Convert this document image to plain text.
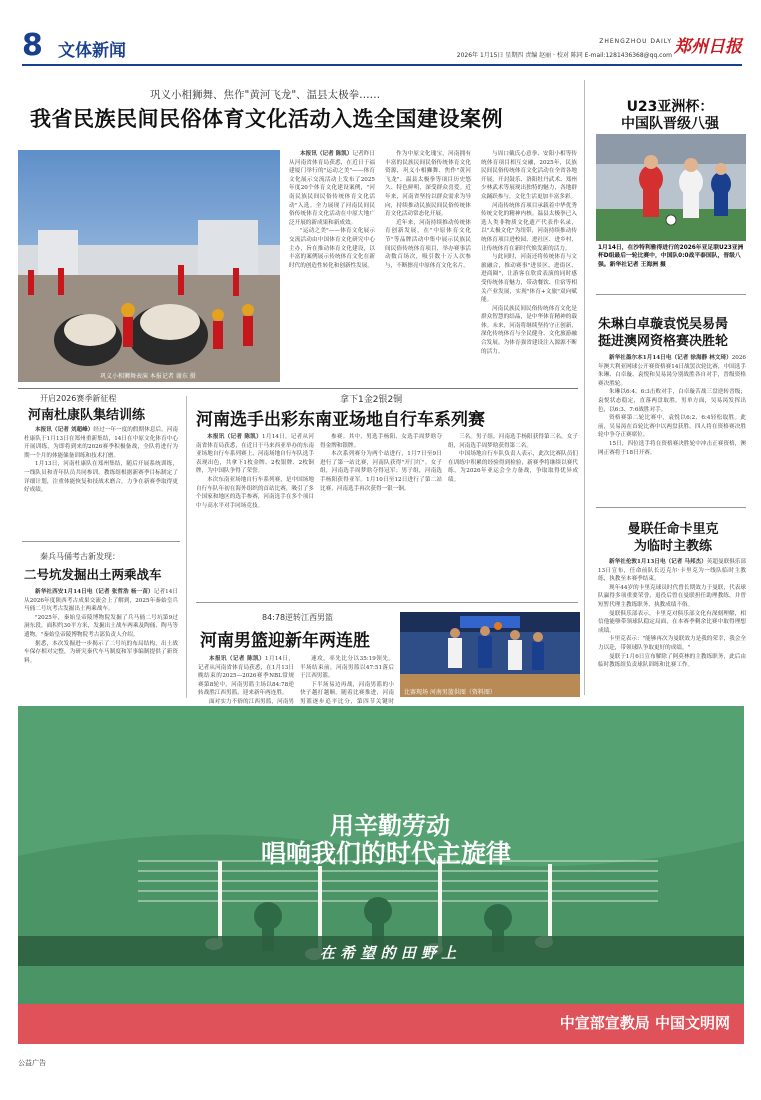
8 文体新闻	ZHENGZHOU DAILY
2026年 1月15日 星期四 责编 赵丽 · 校对 陈同 E-mail:1281436368@qq.com 郑州日报
巩义小相狮舞、焦作"黄河飞龙"、温县太极拳……
我省民族民间民俗体育文化活动入选全国建设案例
巩义小相狮舞表演 本报记者 谢东 摄

本报讯（记者 陈凯）记者昨日从河南省体育局获悉，在近日于福建厦门举行的"运动之美"——体育文化展示交流活动上发布了2025年度20个体育文化建设案例，"河南民族民间民俗传统体育文化活动"入选。全力展现了河南民间民俗传统体育文化活动在中原大地广泛开展的新成果和新成效。

"运动之美"——体育文化展示交流活动由中国体育文化研究中心主办，旨在推动体育文化建设，以丰富的案例展示传统体育文化在新时代的创造性转化和创新性发展。

作为中原文化瑰宝，河南拥有丰富的民族民间民俗传统体育文化资源，巩义小相狮舞、焦作"黄河飞龙"、温县太极拳等项目历史悠久、特色鲜明，深受群众喜爱。近年来，河南省坚持以群众需求为导向，持续推动民族民间民俗传统体育文化活动常态化开展。

近年来，河南持续推动传统体育创新发展，在"中原体育文化节"等品牌活动中集中展示民族民间民俗传统体育项目，举办赛事活动数百场次，吸引数十万人次参与，不断擦亮中原体育文化名片。

与周口戴氏心意拳、安阳小相等传统体育项目相互交融，2025年，民族民间民俗传统体育文化活动在全省各地开展，开封鼓乐、洛阳牡丹武术、郑州少林武术等展现出独特的魅力，各地群众踊跃参与，文化生活更加丰富多彩。

河南传统体育项目承载着中华优秀传统文化的精神内核。温县太极拳已入选人类非物质文化遗产代表作名录，以"太极文化"为纽带，河南持续推动传统体育项目进校园、进社区、进乡村，让传统体育在新时代焕发新的活力。

与此同时，河南还将传统体育与文旅融合，推动赛事"进景区、进街区、进商圈"，让游客在欣赏表演的同时感受传统体育魅力，带动餐饮、住宿等相关产业发展，实现"体育+文旅"双向赋能。

河南民族民间民俗传统体育文化是群众智慧的结晶，是中华体育精神的载体。未来，河南将继续坚持守正创新，深化传统体育与全民健身、文化旅游融合发展，为体育强省建设注入源源不断的活力。

U23亚洲杯：
中国队晋级八强
1月14日，在沙特利雅得进行的2026年亚足联U23亚洲杯D组最后一轮比赛中，中国队0:0战平泰国队，晋级八强。新华社记者 王海洲 摄
朱琳白卓璇袁悦吴易昺
挺进澳网资格赛决胜轮

新华社墨尔本1月14日电（记者 徐海静 林文琦）2026年澳大利亚网球公开赛资格赛14日战罢次轮比赛，中国选手朱琳、白卓璇、袁悦和吴易昺分别战胜各自对手，晋级资格赛决胜轮。

朱琳以6:4、6:3击败对手，白卓璇苦战三盘逆转晋级；袁悦状态稳定，直落两盘取胜。男单方面，吴易昺发挥出色，以6:3、7:6战胜对手。

资格赛第二轮比赛中，袁悦以6:2、6:4轻松取胜。此前，吴易昺在首轮比赛中以两盘获胜。四人将在资格赛决胜轮中争夺正赛席位。

15日，四位选手将在资格赛决胜轮中冲击正赛资格，澳网正赛将于18日开赛。

曼联任命卡里克
为临时主教练

新华社伦敦1月13日电（记者 马邦杰）英超曼联俱乐部13日宣布，任命前队长迈克尔·卡里克为一线队临时主教练，执教至本赛季结束。

现年44岁的卡里克球员时代曾长期效力于曼联，代表球队赢得多项重要荣誉，退役后曾在曼联担任助理教练，并曾短暂代理主教练职务，执教成绩不俗。

曼联俱乐部表示，卡里克对俱乐部文化有深刻理解，相信他能够带领球队稳定局面，在本赛季剩余比赛中取得理想成绩。

卡里克表示："能够再次为曼联效力是我的荣幸，我会全力以赴，带领球队争取更好的成绩。"

曼联于1月6日宣布解除了阿莫林的主教练职务，此后由临时教练组负责球队训练和比赛工作。

开启2026赛季新征程
河南杜康队集结训练

本报讯（记者 刘超峰）经过一年一度的假期休息后，河南杜康队于1月13日在郑州重新集结，14日在中原文化体育中心开展训练，为即将到来的2026赛季积极备战，全队将进行为期一个月的体能储备训练和技术打磨。

1月13日，河南杜康队在郑州集结，随后开展系统训练，一线队员和青年队员共同参训。教练组根据新赛季目标制定了详细计划，注重体能恢复和技战术磨合，力争在新赛季取得更好成绩。

秦兵马俑考古新发现：
二号坑发掘出土两乘战车

新华社西安1月14日电（记者 张哲浩 杨一苗）记者14日从2026年度陕西考古成果交流会上了解到，2025年秦始皇兵马俑二号坑考古发掘出土两乘战车。

"2025年，秦始皇帝陵博物院发掘了兵马俑二号坑第9过洞东段，面积约30平方米，发掘出土战车两乘及陶俑、陶马等遗物。"秦始皇帝陵博物院考古部负责人介绍。

据悉，本次发掘进一步揭示了二号坑的布局结构，出土战车保存相对完整，为研究秦代车马制度和军事编制提供了新资料。

拿下1金2银2铜
河南选手出彩东南亚场地自行车系列赛

本报讯（记者 陈凯）1月14日，记者从河南省体育局获悉，在近日于马来西亚举办的东南亚场地自行车系列赛上，河南场地自行车队选手表现出色，共拿下1枚金牌、2枚银牌、2枚铜牌，为中国队争得了荣誉。

本次东南亚场地自行车系列赛，是中国场地自行车队年初在海外组织的首站比赛，吸引了多个国家和地区的选手参赛，河南选手在多个项目中与高水平对手同场竞技。

参赛。其中，男选手杨阳、女选手周梦晗夺得金牌和银牌。

本次系列赛分为两个站进行，1月7日至9日进行了第一站比赛，河南队获得"开门红"。女子组，河南选手周梦晗夺得冠军；男子组，河南选手杨阳获得亚军。1月10日至12日进行了第二站比赛，河南选手再次获得一银一铜。

三名。男子组，河南选手杨阳获得第三名，女子组，河南选手周梦晗获得第二名。

中国场地自行车队负责人表示，此次比赛队员们在训练中积累的经验得到检验，新赛季将继续以赛代练，为2026年亚运会全力备战，争取取得优异成绩。

84:78逆转江西男篮
河南男篮迎新年两连胜

本报讯（记者 陈凯）1月14日，记者从河南省体育局获悉，在1月13日晚结束的2025—2026赛季NBL常规赛第8轮中，河南男篮主场以84:78逆转战胜江西男篮，迎来新年两连胜。

面对实力不俗的江西男篮，河南男

速攻，率先比分以35:19领先。半场结束前，河南男篮以47:51落后于江西男篮。

下半场易边再战，河南男篮的小快子越打越顺。随着比赛推进，河南男篮逐步追平比分，第四节关键时

比赛现场 河南男篮供图（资料图）
用辛勤劳动
唱响我们的时代主旋律
在 希 望 的 田 野 上
中宣部宣教局 中国文明网
公益广告
